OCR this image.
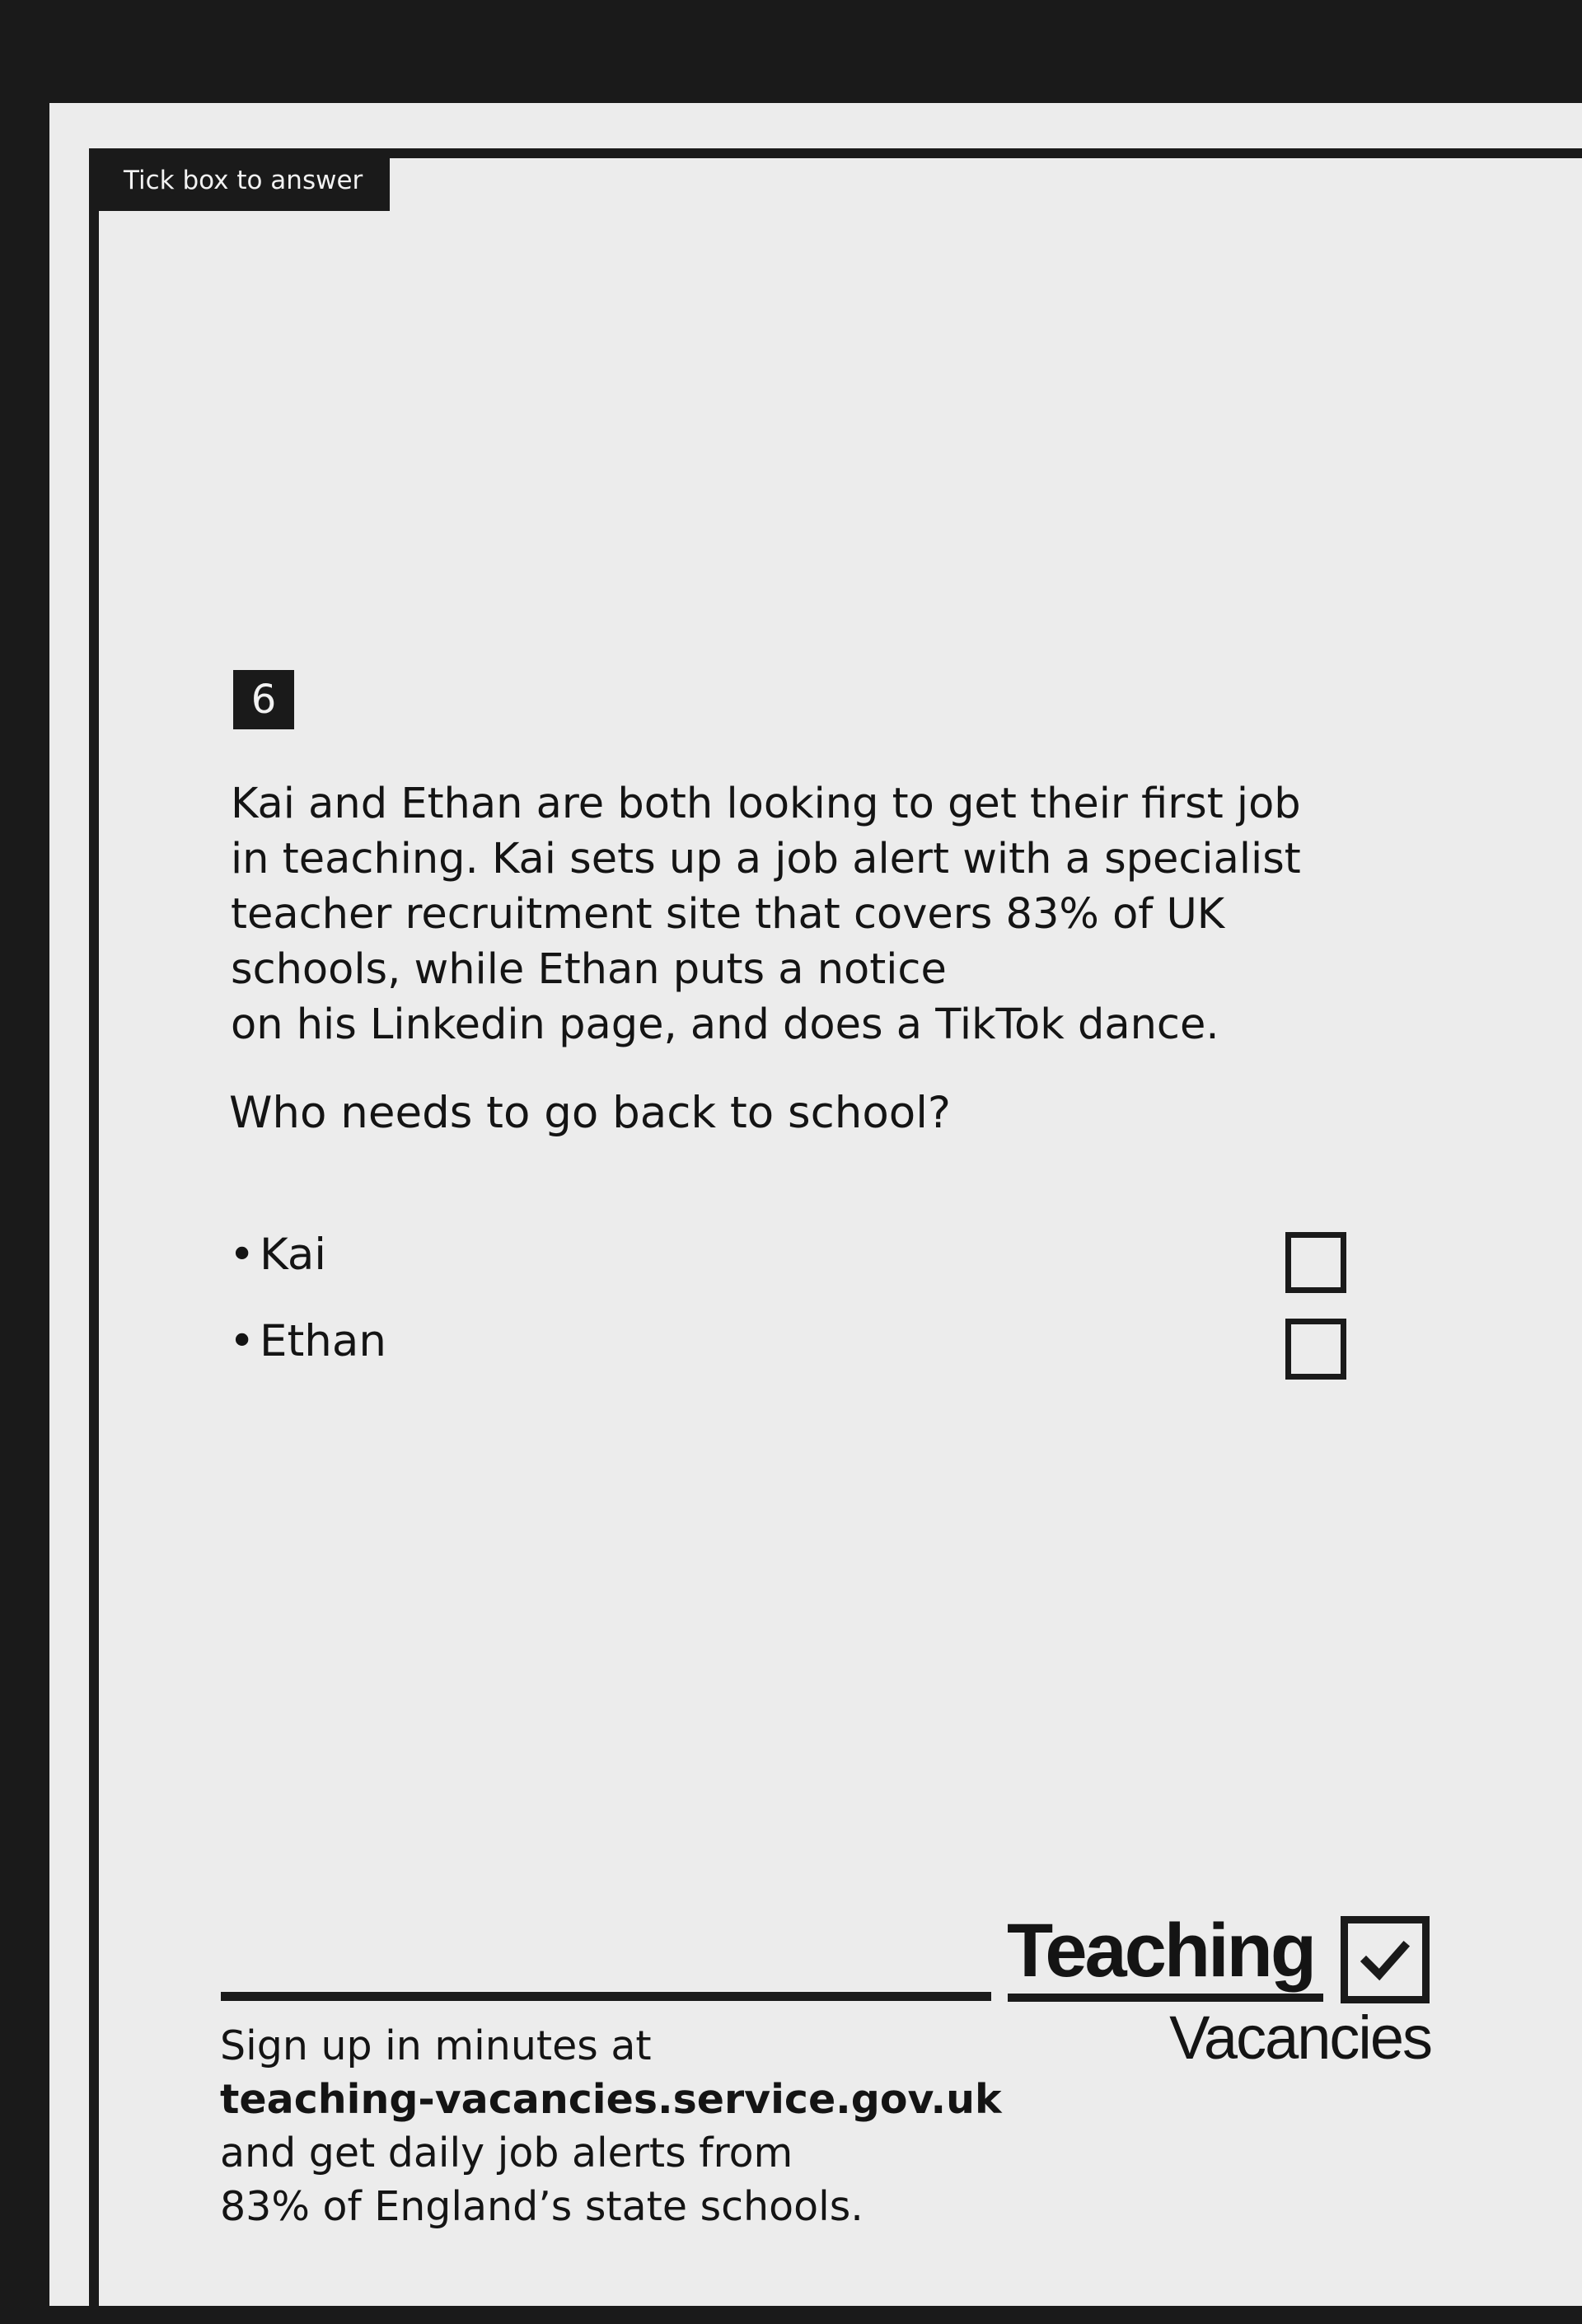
Tick box to answer
6

Kai and Ethan are both looking to get their first job
in teaching. Kai sets up a job alert with a specialist
teacher recruitment site that covers 83% of UK
schools, while Ethan puts a notice
on his Linkedin page, and does a TikTok dance.

Who needs to go back to school?

• Kai
• Ethan
Sign up in minutes at
teaching-vacancies.service.gov.uk
and get daily job alerts from
83% of England’s state schools.
Teaching
Vacancies
